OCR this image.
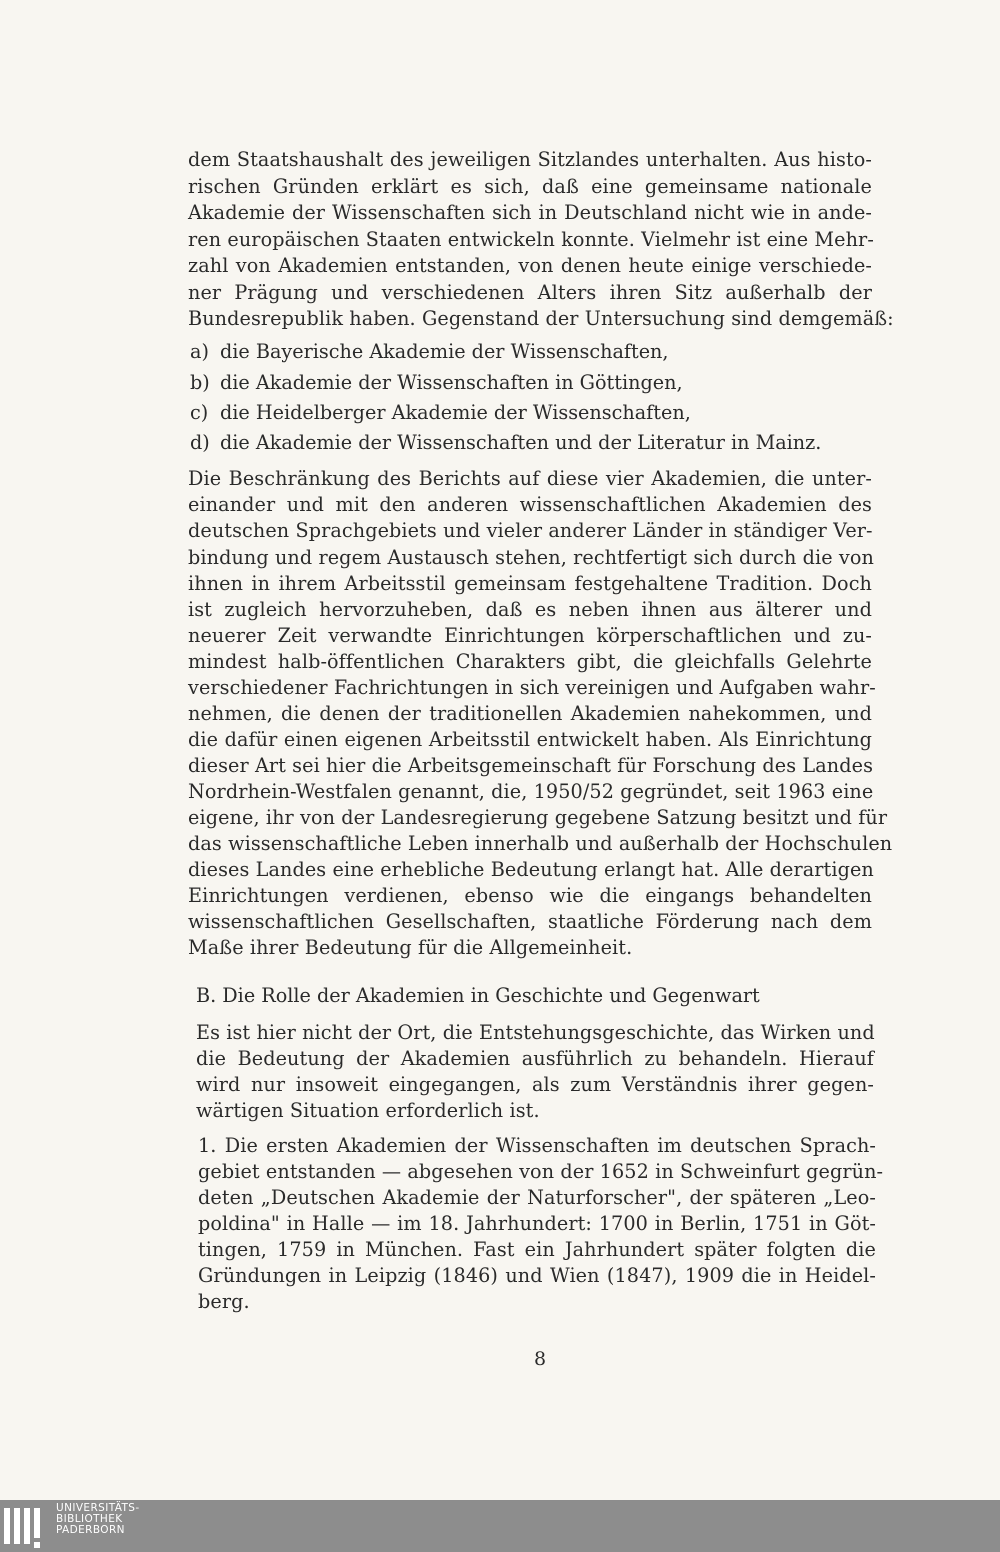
dem Staatshaushalt des jeweiligen Sitzlandes unterhalten. Aus histo-
rischen Gründen erklärt es sich, daß eine gemeinsame nationale
Akademie der Wissenschaften sich in Deutschland nicht wie in ande-
ren europäischen Staaten entwickeln konnte. Vielmehr ist eine Mehr-
zahl von Akademien entstanden, von denen heute einige verschiede-
ner Prägung und verschiedenen Alters ihren Sitz außerhalb der
Bundesrepublik haben. Gegenstand der Untersuchung sind demgemäß:
a) die Bayerische Akademie der Wissenschaften,
b) die Akademie der Wissenschaften in Göttingen,
c) die Heidelberger Akademie der Wissenschaften,
d) die Akademie der Wissenschaften und der Literatur in Mainz.
Die Beschränkung des Berichts auf diese vier Akademien, die unter-
einander und mit den anderen wissenschaftlichen Akademien des
deutschen Sprachgebiets und vieler anderer Länder in ständiger Ver-
bindung und regem Austausch stehen, rechtfertigt sich durch die von
ihnen in ihrem Arbeitsstil gemeinsam festgehaltene Tradition. Doch
ist zugleich hervorzuheben, daß es neben ihnen aus älterer und
neuerer Zeit verwandte Einrichtungen körperschaftlichen und zu-
mindest halb-öffentlichen Charakters gibt, die gleichfalls Gelehrte
verschiedener Fachrichtungen in sich vereinigen und Aufgaben wahr-
nehmen, die denen der traditionellen Akademien nahekommen, und
die dafür einen eigenen Arbeitsstil entwickelt haben. Als Einrichtung
dieser Art sei hier die Arbeitsgemeinschaft für Forschung des Landes
Nordrhein-Westfalen genannt, die, 1950/52 gegründet, seit 1963 eine
eigene, ihr von der Landesregierung gegebene Satzung besitzt und für
das wissenschaftliche Leben innerhalb und außerhalb der Hochschulen
dieses Landes eine erhebliche Bedeutung erlangt hat. Alle derartigen
Einrichtungen verdienen, ebenso wie die eingangs behandelten
wissenschaftlichen Gesellschaften, staatliche Förderung nach dem
Maße ihrer Bedeutung für die Allgemeinheit.
B. Die Rolle der Akademien in Geschichte und Gegenwart
Es ist hier nicht der Ort, die Entstehungsgeschichte, das Wirken und
die Bedeutung der Akademien ausführlich zu behandeln. Hierauf
wird nur insoweit eingegangen, als zum Verständnis ihrer gegen-
wärtigen Situation erforderlich ist.
1. Die ersten Akademien der Wissenschaften im deutschen Sprach-
gebiet entstanden — abgesehen von der 1652 in Schweinfurt gegrün-
deten „Deutschen Akademie der Naturforscher", der späteren „Leo-
poldina" in Halle — im 18. Jahrhundert: 1700 in Berlin, 1751 in Göt-
tingen, 1759 in München. Fast ein Jahrhundert später folgten die
Gründungen in Leipzig (1846) und Wien (1847), 1909 die in Heidel-
berg.
8
UNIVERSITÄTS-
BIBLIOTHEK
PADERBORN
